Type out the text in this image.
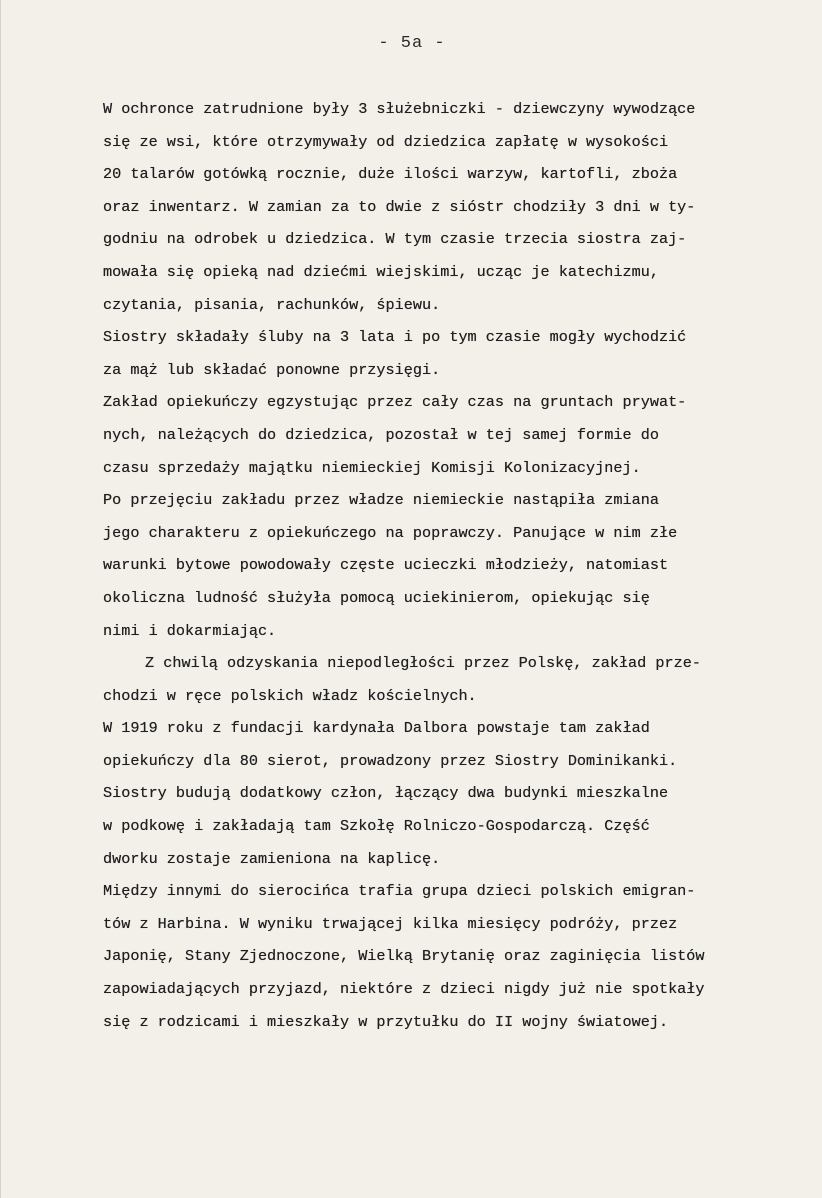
- 5a -
W ochronce zatrudnione były 3 służebniczki - dziewczyny wywodzące
się ze wsi, które otrzymywały od dziedzica zapłatę w wysokości
20 talarów gotówką rocznie, duże ilości warzyw, kartofli, zboża
oraz inwentarz. W zamian za to dwie z sióstr chodziły 3 dni w ty-
godniu na odrobek u dziedzica. W tym czasie trzecia siostra zaj-
mowała się opieką nad dziećmi wiejskimi, ucząc je katechizmu,
czytania, pisania, rachunków, śpiewu.
Siostry składały śluby na 3 lata i po tym czasie mogły wychodzić
za mąż lub składać ponowne przysięgi.
Zakład opiekuńczy egzystując przez cały czas na gruntach prywat-
nych, należących do dziedzica, pozostał w tej samej formie do
czasu sprzedaży majątku niemieckiej Komisji Kolonizacyjnej.
Po przejęciu zakładu przez władze niemieckie nastąpiła zmiana
jego charakteru z opiekuńczego na poprawczy. Panujące w nim złe
warunki bytowe powodowały częste ucieczki młodzieży, natomiast
okoliczna ludność służyła pomocą uciekinierom, opiekując się
nimi i dokarmiając.
Z chwilą odzyskania niepodległości przez Polskę, zakład prze-
chodzi w ręce polskich władz kościelnych.
W 1919 roku z fundacji kardynała Dalbora powstaje tam zakład
opiekuńczy dla 80 sierot, prowadzony przez Siostry Dominikanki.
Siostry budują dodatkowy człon, łączący dwa budynki mieszkalne
w podkowę i zakładają tam Szkołę Rolniczo-Gospodarczą. Część
dworku zostaje zamieniona na kaplicę.
Między innymi do sierocińca trafia grupa dzieci polskich emigran-
tów z Harbina. W wyniku trwającej kilka miesięcy podróży, przez
Japonię, Stany Zjednoczone, Wielką Brytanię oraz zaginięcia listów
zapowiadających przyjazd, niektóre z dzieci nigdy już nie spotkały
się z rodzicami i mieszkały w przytułku do II wojny światowej.
